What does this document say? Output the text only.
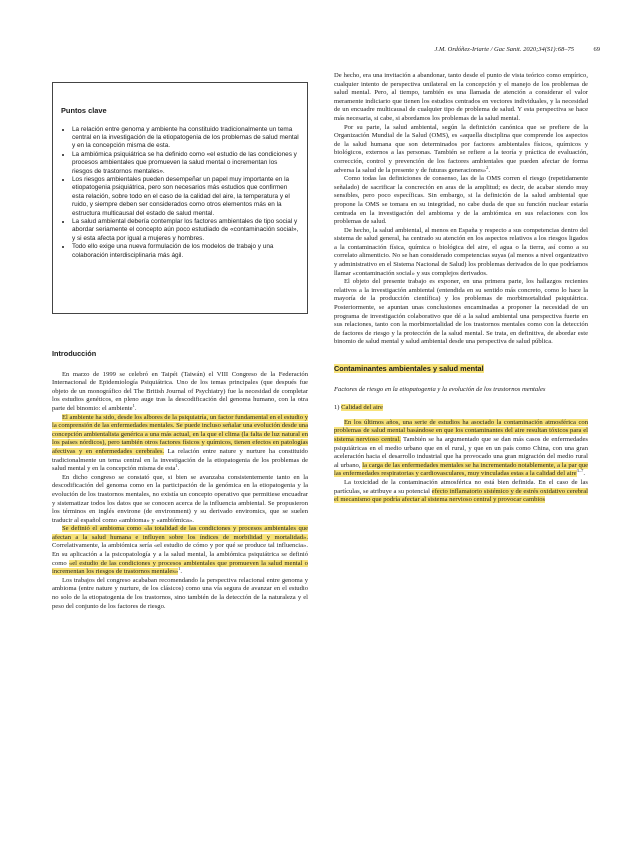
J.M. Ordóñez-Iriarte / Gac Sanit. 2020;34(S1):68–75	69
Puntos clave
• La relación entre genoma y ambiente ha constituido tradicionalmente un tema central en la investigación de la etiopatogenia de los problemas de salud mental y en la concepción misma de esta.
• La ambiómica psiquiátrica se ha definido como «el estudio de las condiciones y procesos ambientales que promueven la salud mental o incrementan los riesgos de trastornos mentales».
• Los riesgos ambientales pueden desempeñar un papel muy importante en la etiopatogenia psiquiátrica, pero son necesarios más estudios que confirmen esta relación, sobre todo en el caso de la calidad del aire, la temperatura y el ruido, y siempre deben ser considerados como otros elementos más en la estructura multicausal del estado de salud mental.
• La salud ambiental debería contemplar los factores ambientales de tipo social y abordar seriamente el concepto aún poco estudiado de «contaminación social», y si esta afecta por igual a mujeres y hombres.
• Todo ello exige una nueva formulación de los modelos de trabajo y una colaboración interdisciplinaria más ágil.
Introducción

En marzo de 1999 se celebró en Taipéi (Taiwán) el VIII Congreso de la Federación Internacional de Epidemiología Psiquiátrica. Uno de los temas principales (que después fue objeto de un monográfico del The British Journal of Psychiatry) fue la necesidad de completar los estudios genéticos, en pleno auge tras la descodificación del genoma humano, con la otra parte del binomio: el ambiente$^1$.

El ambiente ha sido, desde los albores de la psiquiatría, un factor fundamental en el estudio y la comprensión de las enfermedades mentales. Se puede incluso señalar una evolución desde una concepción ambientalista genérica a una más actual, en la que el clima (la falta de luz natural en los países nórdicos), pero también otros factores físicos y químicos, tienen efectos en patologías afectivas y en enfermedades cerebrales. La relación entre nature y nurture ha constituido tradicionalmente un tema central en la investigación de la etiopatogenia de los problemas de salud mental y en la concepción misma de esta$^1$.

En dicho congreso se constató que, si bien se avanzaba consistentemente tanto en la descodificación del genoma como en la participación de la genómica en la etiopatogenia y la evolución de los trastornos mentales, no existía un concepto operativo que permitiese encuadrar y sistematizar todos los datos que se conocen acerca de la influencia ambiental. Se propusieron los términos en inglés environe (de environment) y su derivado enviromics, que se suelen traducir al español como «ambioma» y «ambiómica».

Se definió el ambioma como «la totalidad de las condiciones y procesos ambientales que afectan a la salud humana e influyen sobre los índices de morbilidad y mortalidad». Correlativamente, la ambiómica sería «el estudio de cómo y por qué se produce tal influencia». En su aplicación a la psicopatología y a la salud mental, la ambiómica psiquiátrica se definió como «el estudio de las condiciones y procesos ambientales que promueven la salud mental o incrementan los riesgos de trastornos mentales»$^1$.

Los trabajos del congreso acababan recomendando la perspectiva relacional entre genoma y ambioma (entre nature y nurture, de los clásicos) como una vía segura de avanzar en el estudio no solo de la etiopatogenia de los trastornos, sino también de la detección de la naturaleza y el peso del conjunto de los factores de riesgo.

De hecho, era una invitación a abandonar, tanto desde el punto de vista teórico como empírico, cualquier intento de perspectiva unilateral en la concepción y el manejo de los problemas de salud mental. Pero, al tiempo, también es una llamada de atención a considerar el valor meramente indiciario que tienen los estudios centrados en vectores individuales, y la necesidad de un encuadre multicausal de cualquier tipo de problema de salud. Y esta perspectiva se hace más necesaria, si cabe, si abordamos los problemas de la salud mental.

Por su parte, la salud ambiental, según la definición canónica que se prefiere de la Organización Mundial de la Salud (OMS), es «aquella disciplina que comprende los aspectos de la salud humana que son determinados por factores ambientales físicos, químicos y biológicos, externos a las personas. También se refiere a la teoría y práctica de evaluación, corrección, control y prevención de los factores ambientales que pueden afectar de forma adversa la salud de la presente y de futuras generaciones»$^2$.

Como todas las definiciones de consenso, las de la OMS corren el riesgo (repetidamente señalado) de sacrificar la concreción en aras de la amplitud; es decir, de acabar siendo muy sensibles, pero poco específicas. Sin embargo, si la definición de la salud ambiental que propone la OMS se tomara en su integridad, no cabe duda de que su función nuclear estaría centrada en la investigación del ambioma y de la ambiómica en sus relaciones con los problemas de salud.

De hecho, la salud ambiental, al menos en España y respecto a sus competencias dentro del sistema de salud general, ha centrado su atención en los aspectos relativos a los riesgos ligados a la contaminación física, química o biológica del aire, el agua o la tierra, así como a su correlato alimenticio. No se han considerado competencias suyas (al menos a nivel organizativo y administrativo en el Sistema Nacional de Salud) los problemas derivados de lo que podríamos llamar «contaminación social» y sus complejos derivados.

El objeto del presente trabajo es exponer, en una primera parte, los hallazgos recientes relativos a la investigación ambiental (entendida en su sentido más concreto, como lo hace la mayoría de la producción científica) y los problemas de morbimortalidad psiquiátrica. Posteriormente, se apuntan unas conclusiones encaminadas a proponer la necesidad de un programa de investigación colaborativo que dé a la salud ambiental una perspectiva fuerte en sus relaciones, tanto con la morbimortalidad de los trastornos mentales como con la detección de factores de riesgo y la protección de la salud mental. Se trata, en definitiva, de abordar este binomio de salud mental y salud ambiental desde una perspectiva de salud pública.

Contaminantes ambientales y salud mental

Factores de riesgo en la etiopatogenia y la evolución de los trastornos mentales

1) Calidad del aire

En los últimos años, una serie de estudios ha asociado la contaminación atmosférica con problemas de salud mental basándose en que los contaminantes del aire resultan tóxicos para el sistema nervioso central. También se ha argumentado que se dan más casos de enfermedades psiquiátricas en el medio urbano que en el rural, y que en un país como China, con una gran aceleración hacia el desarrollo industrial que ha provocado una gran migración del medio rural al urbano, la carga de las enfermedades mentales se ha incrementado notablemente, a la par que las enfermedades respiratorias y cardiovasculares, muy vinculadas estas a la calidad del aire$^{3-7}$.

La toxicidad de la contaminación atmosférica no está bien definida. En el caso de las partículas, se atribuye a su potencial efecto inflamatorio sistémico y de estrés oxidativo cerebral el mecanismo que podría afectar al sistema nervioso central y provocar cambios
